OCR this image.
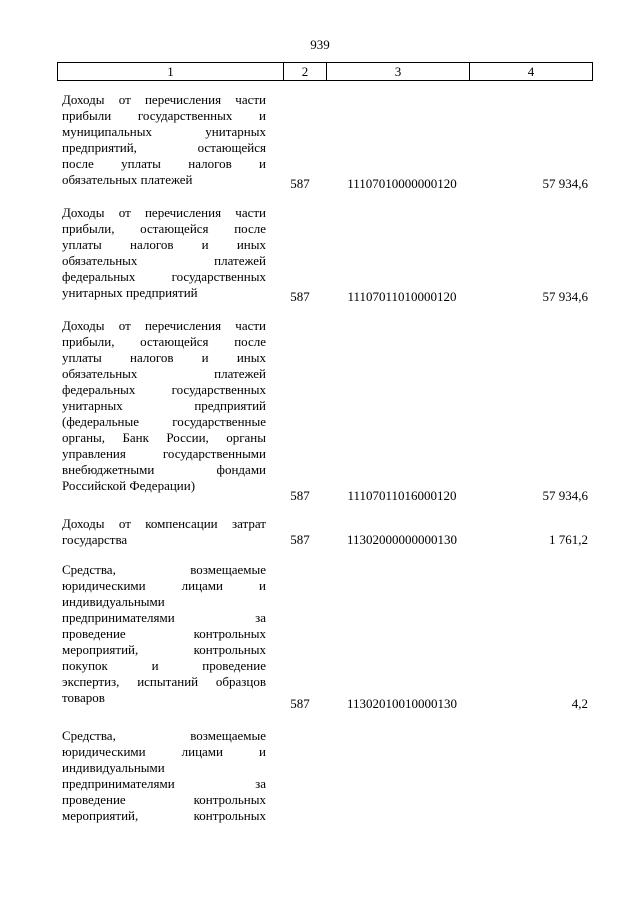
939
1	2	3	4
Доходы от перечисления части
прибыли государственных и
муниципальных унитарных
предприятий, остающейся
после уплаты налогов и
обязательных платежей	587	11107010000000120	57 934,6
Доходы от перечисления части
прибыли, остающейся после
уплаты налогов и иных
обязательных платежей
федеральных государственных
унитарных предприятий	587	11107011010000120	57 934,6
Доходы от перечисления части
прибыли, остающейся после
уплаты налогов и иных
обязательных платежей
федеральных государственных
унитарных предприятий
(федеральные государственные
органы, Банк России, органы
управления государственными
внебюджетными фондами
Российской Федерации)
587	11107011016000120	57 934,6
Доходы от компенсации затрат
государства	587	11302000000000130	1 761,2
Средства, возмещаемые
юридическими лицами и
индивидуальными
предпринимателями за
проведение контрольных
мероприятий, контрольных
покупок и проведение
экспертиз, испытаний образцов
товаров	587	11302010010000130	4,2
Средства, возмещаемые
юридическими лицами и
индивидуальными
предпринимателями за
проведение контрольных
мероприятий, контрольных
